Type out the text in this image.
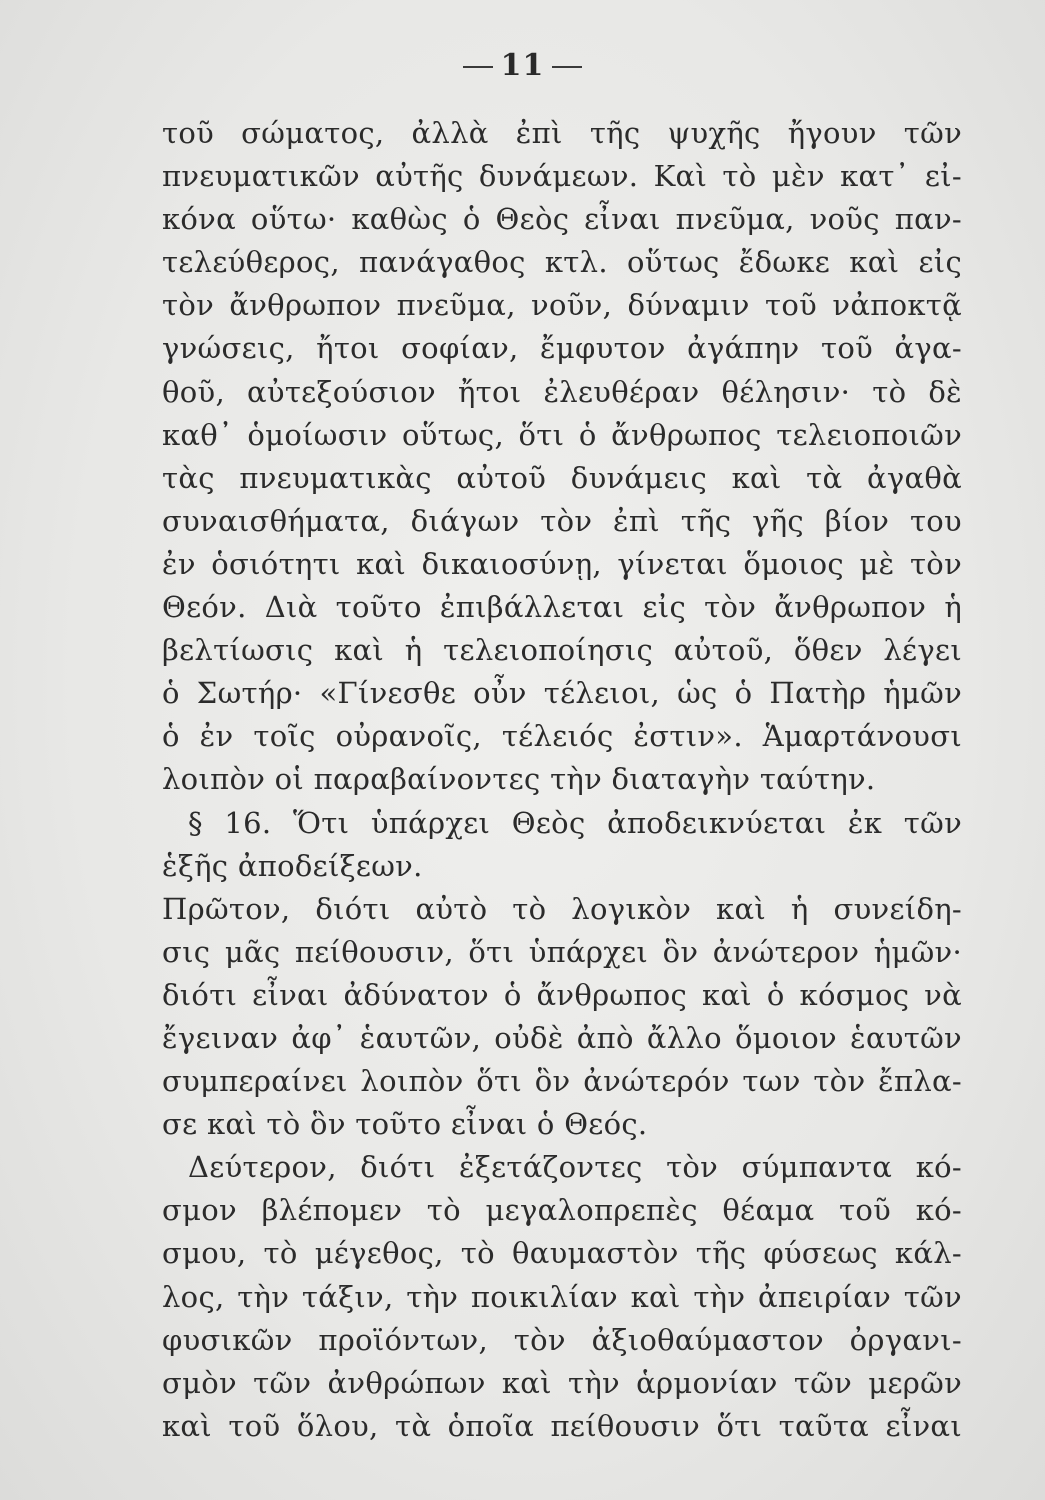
11
τοῦ σώματος, ἀλλὰ ἐπὶ τῆς ψυχῆς ἤγουν τῶν
πνευματικῶν αὐτῆς δυνάμεων. Καὶ τὸ μὲν κατ᾽ εἰ-
κόνα οὕτω· καθὼς ὁ Θεὸς εἶναι πνεῦμα, νοῦς παν-
τελεύθερος, πανάγαθος κτλ. οὕτως ἔδωκε καὶ εἰς
τὸν ἄνθρωπον πνεῦμα, νοῦν, δύναμιν τοῦ νἀποκτᾷ
γνώσεις, ἤτοι σοφίαν, ἔμφυτον ἀγάπην τοῦ ἀγα-
θοῦ, αὐτεξούσιον ἤτοι ἐλευθέραν θέλησιν· τὸ δὲ
καθ᾽ ὁμοίωσιν οὕτως, ὅτι ὁ ἄνθρωπος τελειοποιῶν
τὰς πνευματικὰς αὐτοῦ δυνάμεις καὶ τὰ ἀγαθὰ
συναισθήματα, διάγων τὸν ἐπὶ τῆς γῆς βίον του
ἐν ὁσιότητι καὶ δικαιοσύνῃ, γίνεται ὅμοιος μὲ τὸν
Θεόν. Διὰ τοῦτο ἐπιβάλλεται εἰς τὸν ἄνθρωπον ἡ
βελτίωσις καὶ ἡ τελειοποίησις αὐτοῦ, ὅθεν λέγει
ὁ Σωτήρ· «Γίνεσθε οὖν τέλειοι, ὡς ὁ Πατὴρ ἡμῶν
ὁ ἐν τοῖς οὐρανοῖς, τέλειός ἐστιν». Ἁμαρτάνουσι
λοιπὸν οἱ παραβαίνοντες τὴν διαταγὴν ταύτην.
§ 16. Ὅτι ὑπάρχει Θεὸς ἀποδεικνύεται ἐκ τῶν
ἑξῆς ἀποδείξεων.
Πρῶτον, διότι αὐτὸ τὸ λογικὸν καὶ ἡ συνείδη-
σις μᾶς πείθουσιν, ὅτι ὑπάρχει ὃν ἀνώτερον ἡμῶν·
διότι εἶναι ἀδύνατον ὁ ἄνθρωπος καὶ ὁ κόσμος νὰ
ἔγειναν ἀφ᾽ ἑαυτῶν, οὐδὲ ἀπὸ ἄλλο ὅμοιον ἑαυτῶν
συμπεραίνει λοιπὸν ὅτι ὃν ἀνώτερόν των τὸν ἔπλα-
σε καὶ τὸ ὃν τοῦτο εἶναι ὁ Θεός.
Δεύτερον, διότι ἐξετάζοντες τὸν σύμπαντα κό-
σμον βλέπομεν τὸ μεγαλοπρεπὲς θέαμα τοῦ κό-
σμου, τὸ μέγεθος, τὸ θαυμαστὸν τῆς φύσεως κάλ-
λος, τὴν τάξιν, τὴν ποικιλίαν καὶ τὴν ἀπειρίαν τῶν
φυσικῶν προϊόντων, τὸν ἀξιοθαύμαστον ὀργανι-
σμὸν τῶν ἀνθρώπων καὶ τὴν ἁρμονίαν τῶν μερῶν
καὶ τοῦ ὅλου, τὰ ὁποῖα πείθουσιν ὅτι ταῦτα εἶναι
